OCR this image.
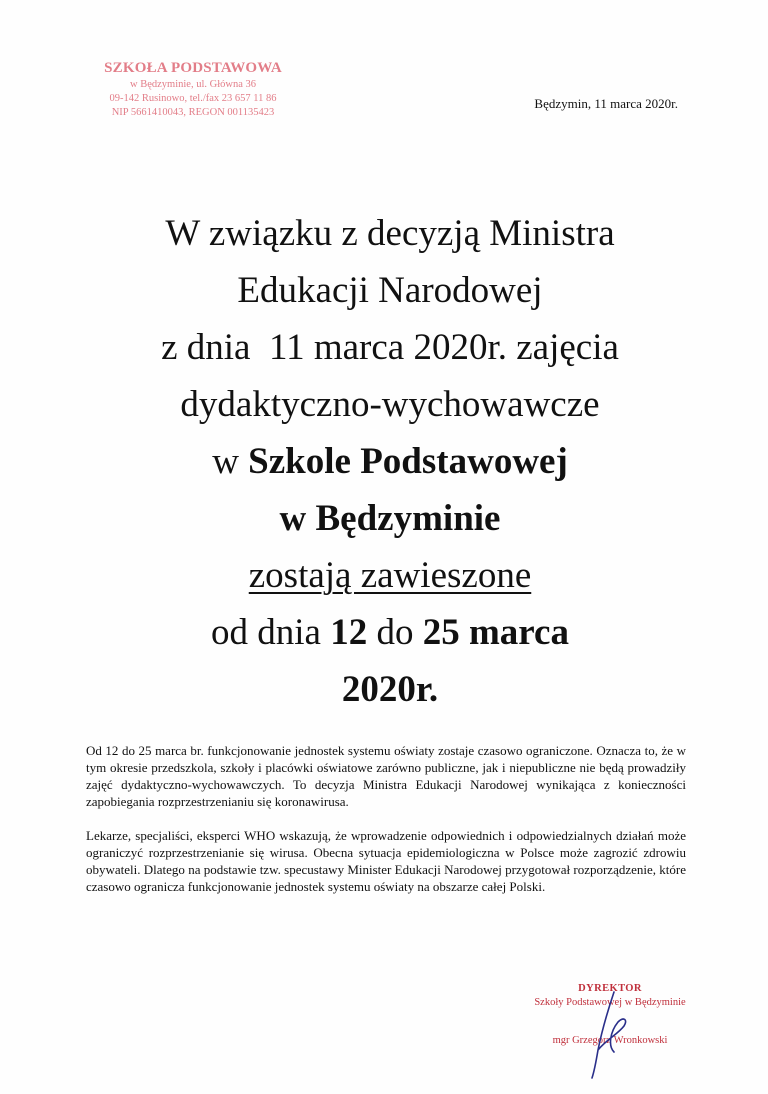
SZKOŁA PODSTAWOWA
w Będzyminie, ul. Główna 36
09-142 Rusinowo, tel./fax 23 657 11 86
NIP 5661410043, REGON 001135423
Będzymin, 11 marca 2020r.
W związku z decyzją Ministra
Edukacji Narodowej
z dnia  11 marca 2020r. zajęcia
dydaktyczno-wychowawcze
w Szkole Podstawowej
w Będzyminie
zostają zawieszone
od dnia 12 do 25 marca
2020r.

Od 12 do 25 marca br. funkcjonowanie jednostek systemu oświaty zostaje czasowo ograniczone. Oznacza to, że w tym okresie przedszkola, szkoły i placówki oświatowe zarówno publiczne, jak i niepubliczne nie będą prowadziły zajęć dydaktyczno-wychowawczych. To decyzja Ministra Edukacji Narodowej wynikająca z konieczności zapobiegania rozprzestrzenianiu się koronawirusa.

Lekarze, specjaliści, eksperci WHO wskazują, że wprowadzenie odpowiednich i odpowiedzialnych działań może ograniczyć rozprzestrzenianie się wirusa. Obecna sytuacja epidemiologiczna w Polsce może zagrozić zdrowiu obywateli. Dlatego na podstawie tzw. specustawy Minister Edukacji Narodowej przygotował rozporządzenie, które czasowo ogranicza funkcjonowanie jednostek systemu oświaty na obszarze całej Polski.

DYREKTOR
Szkoły Podstawowej w Będzyminie
mgr Grzegorz Wronkowski
